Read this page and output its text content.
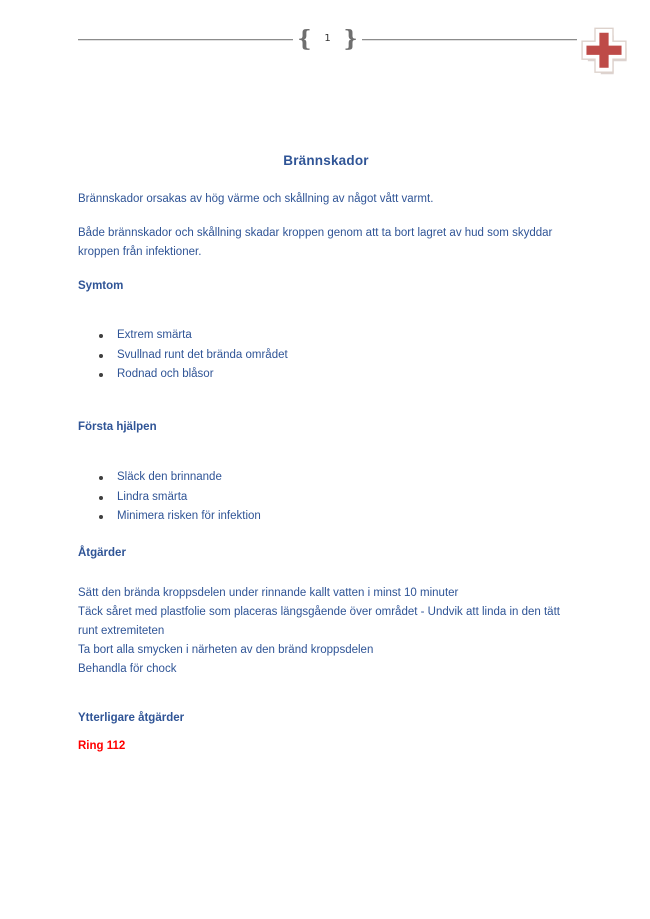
{	1 }
Brännskador
Brännskador orsakas av hög värme och skållning av något vått varmt.
Både brännskador och skållning skadar kroppen genom att ta bort lagret av hud som skyddar kroppen från infektioner.
Symtom
Extrem smärta
Svullnad runt det brända området
Rodnad och blåsor
Första hjälpen
Släck den brinnande
Lindra smärta
Minimera risken för infektion
Åtgärder
Sätt den brända kroppsdelen under rinnande kallt vatten i minst 10 minuter
Täck såret med plastfolie som placeras längsgående över området - Undvik att linda in den tätt runt extremiteten
Ta bort alla smycken i närheten av den bränd kroppsdelen
Behandla för chock
Ytterligare åtgärder
Ring 112
